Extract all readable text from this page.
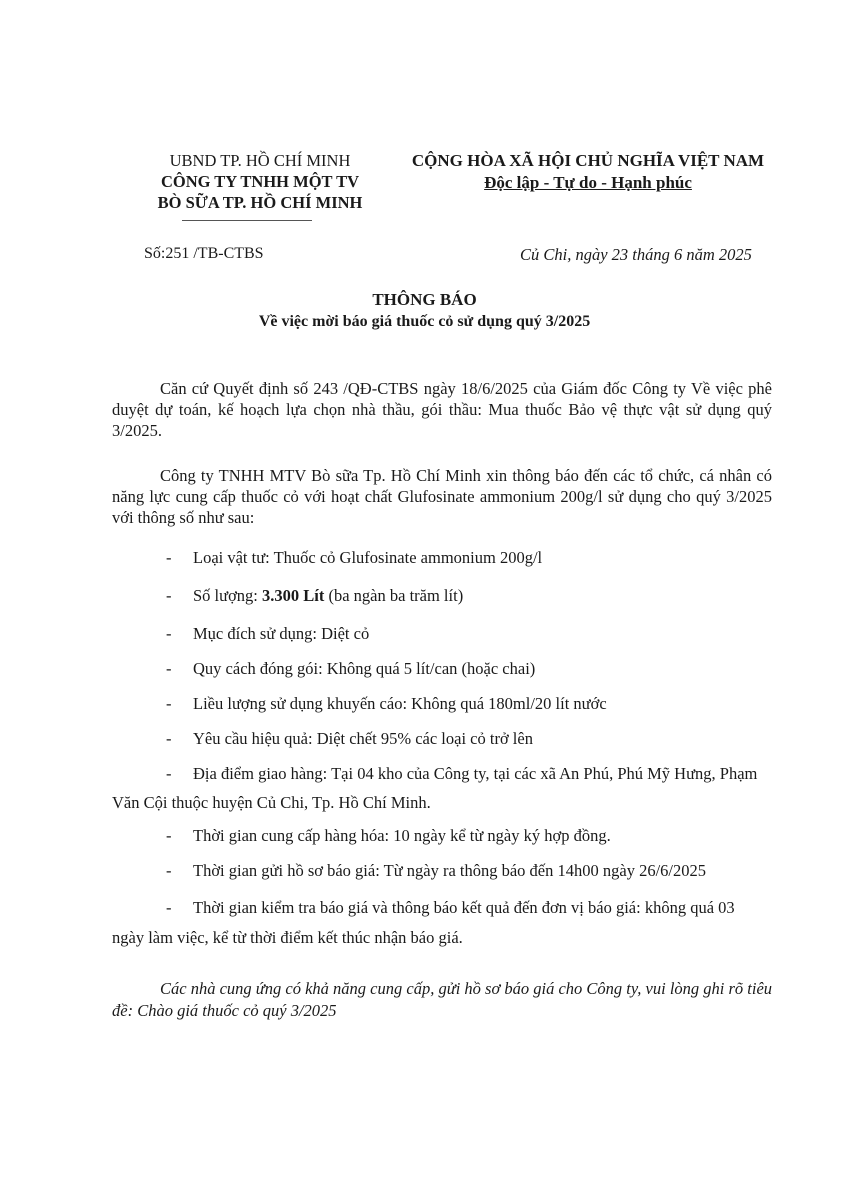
UBND TP. HỒ CHÍ MINH
CÔNG TY TNHH MỘT TV
BÒ SỮA TP. HỒ CHÍ MINH
CỘNG HÒA XÃ HỘI CHỦ NGHĨA VIỆT NAM
Độc lập - Tự do - Hạnh phúc
Số:251 /TB-CTBS	Củ Chi, ngày 23 tháng 6 năm 2025
THÔNG BÁO
Về việc mời báo giá thuốc cỏ sử dụng quý 3/2025
Căn cứ Quyết định số 243 /QĐ-CTBS ngày 18/6/2025 của Giám đốc Công ty Về việc phê duyệt dự toán, kế hoạch lựa chọn nhà thầu, gói thầu: Mua thuốc Bảo vệ thực vật sử dụng quý 3/2025.
Công ty TNHH MTV Bò sữa Tp. Hồ Chí Minh xin thông báo đến các tổ chức, cá nhân có năng lực cung cấp thuốc cỏ với hoạt chất Glufosinate ammonium 200g/l sử dụng cho quý 3/2025 với thông số như sau:
- Loại vật tư: Thuốc cỏ Glufosinate ammonium 200g/l
- Số lượng: 3.300 Lít (ba ngàn ba trăm lít)
- Mục đích sử dụng: Diệt cỏ
- Quy cách đóng gói: Không quá 5 lít/can (hoặc chai)
- Liều lượng sử dụng khuyến cáo: Không quá 180ml/20 lít nước
- Yêu cầu hiệu quả: Diệt chết 95% các loại cỏ trở lên
- Địa điểm giao hàng: Tại 04 kho của Công ty, tại các xã An Phú, Phú Mỹ Hưng, Phạm
Văn Cội thuộc huyện Củ Chi, Tp. Hồ Chí Minh.
- Thời gian cung cấp hàng hóa: 10 ngày kể từ ngày ký hợp đồng.
- Thời gian gửi hồ sơ báo giá: Từ ngày ra thông báo đến 14h00 ngày 26/6/2025
- Thời gian kiểm tra báo giá và thông báo kết quả đến đơn vị báo giá: không quá 03
ngày làm việc, kể từ thời điểm kết thúc nhận báo giá.
Các nhà cung ứng có khả năng cung cấp, gửi hồ sơ báo giá cho Công ty, vui lòng ghi rõ tiêu đề: Chào giá thuốc cỏ quý 3/2025
